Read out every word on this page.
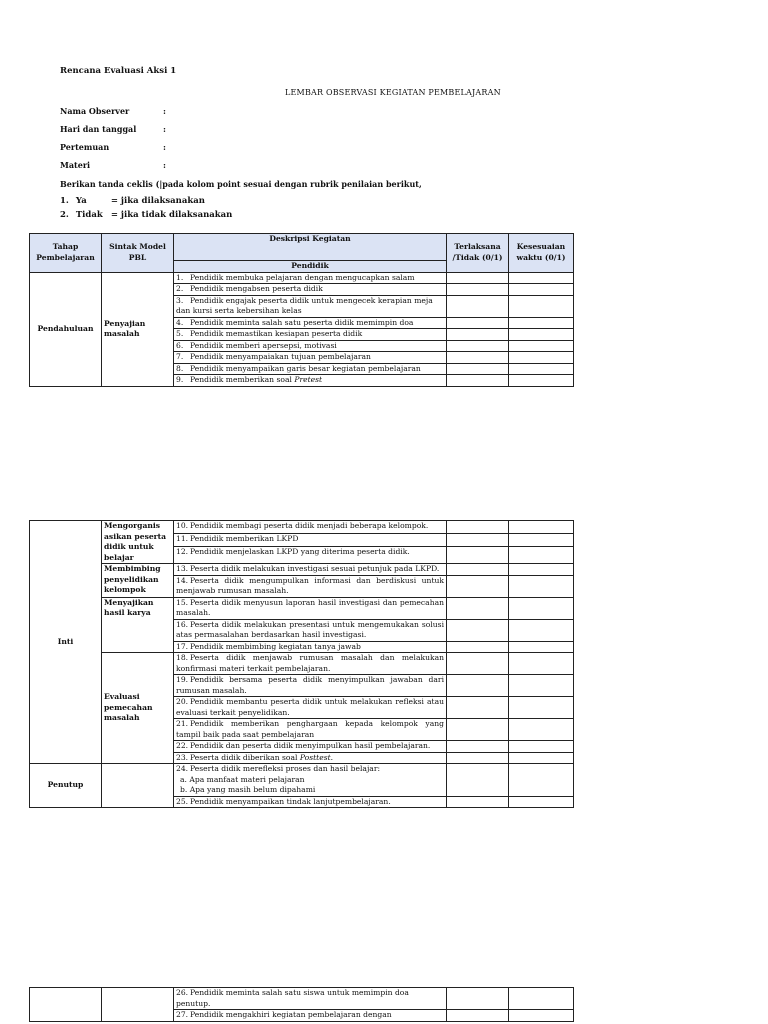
Rencana Evaluasi Aksi 1
LEMBAR OBSERVASI KEGIATAN PEMBELAJARAN
Nama Observer	:
Hari dan tanggal	:
Pertemuan	:
Materi	:
Berikan tanda ceklis (|pada kolom point sesuai dengan rubrik penilaian berikut,
1. Ya	= jika dilaksanakan
2. Tidak = jika tidak dilaksanakan
Tahap Pembelajaran	Sintak Model PBL	Deskripsi Kegiatan	Terlaksana /Tidak (0/1)	Kesesuaian waktu (0/1)
		Pendidik		
Pendahuluan	Penyajian masalah	1. Pendidik membuka pelajaran dengan mengucapkan salam		
		2. Pendidik mengabsen peserta didik		
		3. Pendidik engajak peserta didik untuk mengecek kerapian meja dan kursi serta kebersihan kelas		
		4. Pendidik meminta salah satu peserta didik memimpin doa		
		5. Pendidik memastikan kesiapan peserta didik		
		6. Pendidik memberi apersepsi, motivasi		
		7. Pendidik menyampaiakan tujuan pembelajaran		
		8. Pendidik menyampaikan garis besar kegiatan pembelajaran		
		9. Pendidik memberikan soal Pretest		
Inti	Mengorganis asikan peserta didik untuk belajar	10. Pendidik membagi peserta didik menjadi beberapa kelompok.		
		11. Pendidik memberikan LKPD		
		12. Pendidik menjelaskan LKPD yang diterima peserta didik.		
	Membimbing penyelidikan kelompok	13. Peserta didik melakukan investigasi sesuai petunjuk pada LKPD.		
		14. Peserta didik mengumpulkan informasi dan berdiskusi untuk menjawab rumusan masalah.		
	Menyajikan hasil karya	15. Peserta didik menyusun laporan hasil investigasi dan pemecahan masalah.		
		16. Peserta didik melakukan presentasi untuk mengemukakan solusi atas permasalahan berdasarkan hasil investigasi.		
		17. Pendidik membimbing kegiatan tanya jawab		
	Evaluasi pemecahan masalah	18. Peserta didik menjawab rumusan masalah dan melakukan konfirmasi materi terkait pembelajaran.		
		19. Pendidik bersama peserta didik menyimpulkan jawaban dari rumusan masalah.		
		20. Pendidik membantu peserta didik untuk melakukan refleksi atau evaluasi terkait penyelidikan.		
		21. Pendidik memberikan penghargaan kepada kelompok yang tampil baik pada saat pembelajaran		
		22. Pendidik dan peserta didik menyimpulkan hasil pembelajaran.		
		23. Peserta didik diberikan soal Posttest.		
Penutup		24. Peserta didik merefleksi proses dan hasil belajar:
a. Apa manfaat materi pelajaran
b. Apa yang masih belum dipahami		
		25. Pendidik menyampaikan tindak lanjutpembelajaran.		
		26. Pendidik meminta salah satu siswa untuk memimpin doa penutup.		
		27. Pendidik mengakhiri kegiatan pembelajaran dengan		
